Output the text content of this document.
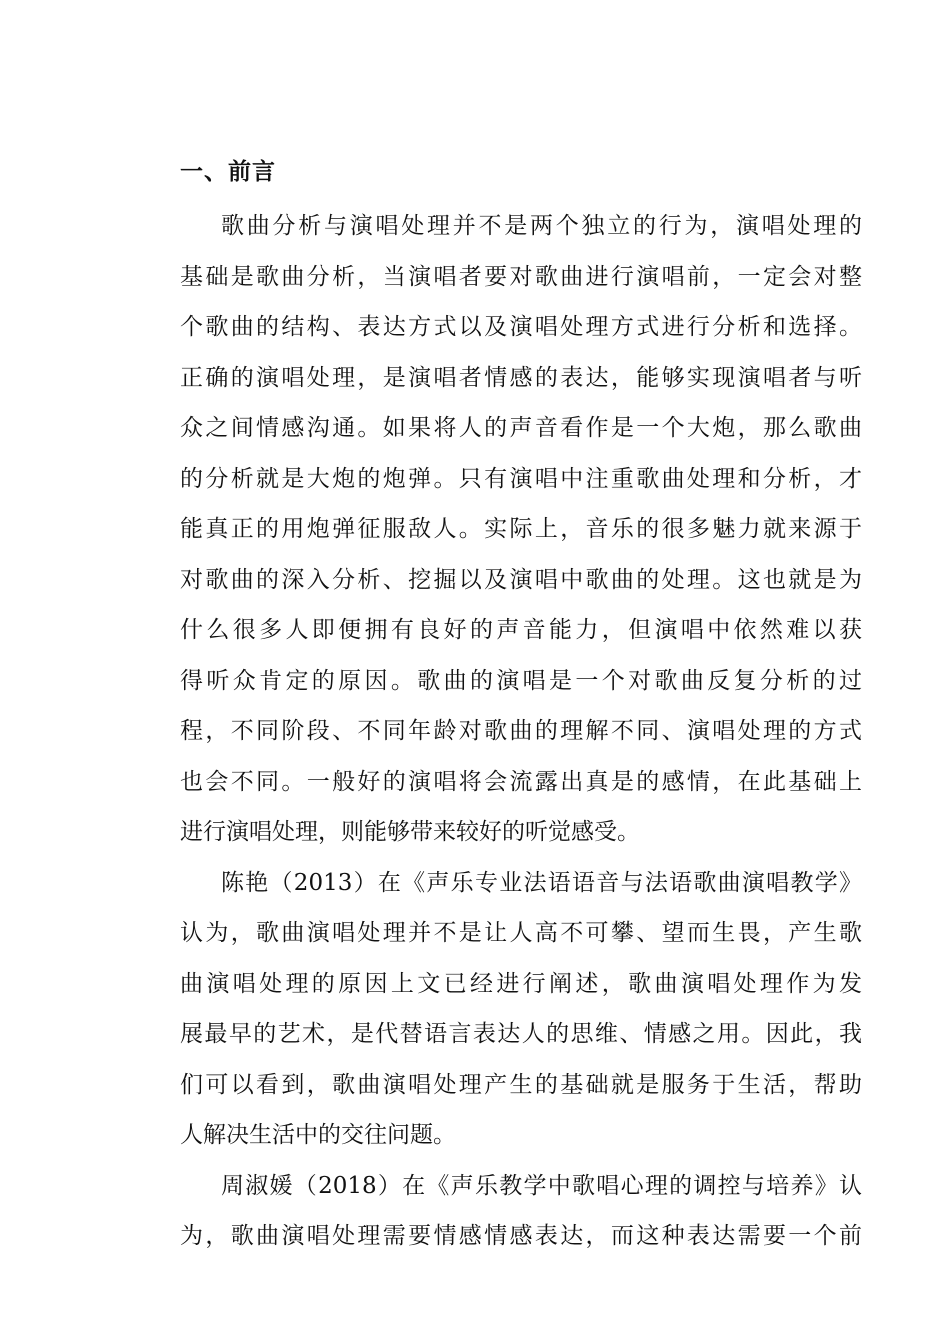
一、前言

歌曲分析与演唱处理并不是两个独立的行为，演唱处理的
基础是歌曲分析，当演唱者要对歌曲进行演唱前，一定会对整
个歌曲的结构、表达方式以及演唱处理方式进行分析和选择。
正确的演唱处理，是演唱者情感的表达，能够实现演唱者与听
众之间情感沟通。如果将人的声音看作是一个大炮，那么歌曲
的分析就是大炮的炮弹。只有演唱中注重歌曲处理和分析，才
能真正的用炮弹征服敌人。实际上，音乐的很多魅力就来源于
对歌曲的深入分析、挖掘以及演唱中歌曲的处理。这也就是为
什么很多人即便拥有良好的声音能力，但演唱中依然难以获
得听众肯定的原因。歌曲的演唱是一个对歌曲反复分析的过
程，不同阶段、不同年龄对歌曲的理解不同、演唱处理的方式
也会不同。一般好的演唱将会流露出真是的感情，在此基础上
进行演唱处理，则能够带来较好的听觉感受。

陈艳（2013）在《声乐专业法语语音与法语歌曲演唱教学》
认为，歌曲演唱处理并不是让人高不可攀、望而生畏，产生歌
曲演唱处理的原因上文已经进行阐述，歌曲演唱处理作为发
展最早的艺术，是代替语言表达人的思维、情感之用。因此，我
们可以看到，歌曲演唱处理产生的基础就是服务于生活，帮助
人解决生活中的交往问题。

周淑媛（2018）在《声乐教学中歌唱心理的调控与培养》认
为，歌曲演唱处理需要情感情感表达，而这种表达需要一个前
